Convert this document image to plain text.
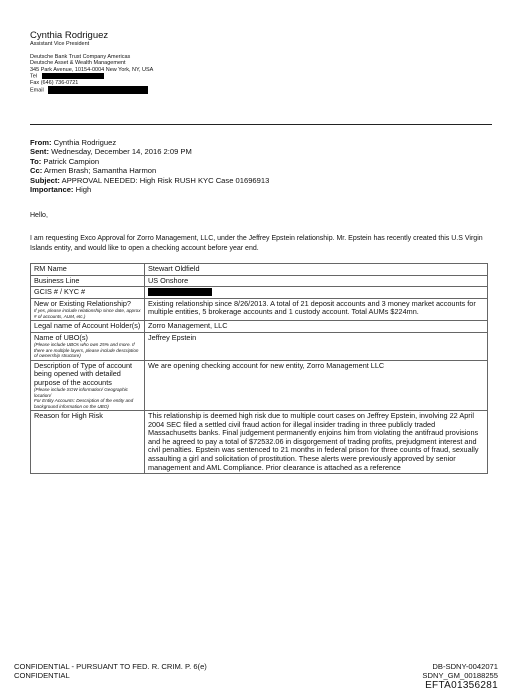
Cynthia Rodriguez
Assistant Vice President
Deutsche Bank Trust Company Americas
Deutsche Asset & Wealth Management
345 Park Avenue, 10154-0004 New York, NY, USA
Tel
Fax (646) 736-0721
Email
From: Cynthia Rodriguez
Sent: Wednesday, December 14, 2016 2:09 PM
To: Patrick Campion
Cc: Armen Brash; Samantha Harmon
Subject: APPROVAL NEEDED: High Risk RUSH KYC Case 01696913
Importance: High
Hello,
I am requesting Exco Approval for Zorro Management, LLC, under the Jeffrey Epstein relationship. Mr. Epstein has recently created this U.S Virgin Islands entity, and would like to open a checking account before year end.
RM Name	Stewart Oldfield
Business Line	US Onshore
GCIS # / KYC #	

New or Existing Relationship?
If yes, please include relationship since date, approx # of accounts, AUM, etc.)	Existing relationship since 8/26/2013. A total of 21 deposit accounts and 3 money market accounts for multiple entities, 5 brokerage accounts and 1 custody account. Total AUMs $224mn.
Legal name of Account Holder(s)	Zorro Management, LLC

Name of UBO(s)
(Please include UBOs who own 25% and more. If there are multiple layers, please include description of ownership structure)	Jeffrey Epstein

Description of Type of account being opened with detailed purpose of the accounts
(Please include SOW information/ Geographic location/
For Entity Accounts: Description of the entity and background information on the UBO)	We are opening checking account for new entity, Zorro Management LLC
Reason for High Risk	This relationship is deemed high risk due to multiple court cases on Jeffrey Epstein, involving 22 April 2004 SEC filed a settled civil fraud action for illegal insider trading in three publicly traded Massachusetts banks. Final judgement permanently enjoins him from violating the antifraud provisions and he agreed to pay a total of $72532.06 in disgorgement of trading profits, prejudgment interest and civil penalties. Epstein was sentenced to 21 months in federal prison for three counts of fraud, sexually assaulting a girl and solicitation of prostitution. These alerts were previously approved by senior management and AML Compliance. Prior clearance is attached as a reference
CONFIDENTIAL - PURSUANT TO FED. R. CRIM. P. 6(e)
CONFIDENTIAL
DB-SDNY-0042071
SDNY_GM_00188255
EFTA01356281
